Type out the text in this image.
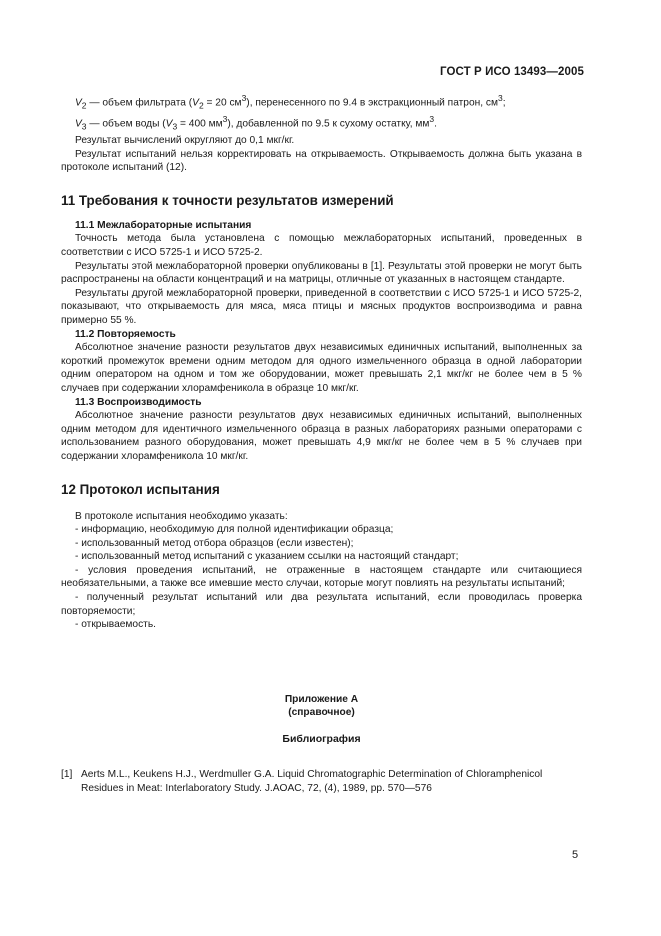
ГОСТ Р ИСО 13493—2005

$V_2$ — объем фильтрата ($V_2 = 20$ $см^3$), перенесенного по 9.4 в экстракционный патрон, $см^3$;

$V_3$ — объем воды ($V_3 = 400$ $мм^3$), добавленной по 9.5 к сухому остатку, $мм^3$.

Результат вычислений округляют до 0,1 мкг/кг.

Результат испытаний нельзя корректировать на открываемость. Открываемость должна быть указана в протоколе испытаний (12).

11 Требования к точности результатов измерений

11.1 Межлабораторные испытания

Точность метода была установлена с помощью межлабораторных испытаний, проведенных в соответствии с ИСО 5725-1 и ИСО 5725-2.

Результаты этой межлабораторной проверки опубликованы в [1]. Результаты этой проверки не могут быть распространены на области концентраций и на матрицы, отличные от указанных в настоящем стандарте.

Результаты другой межлабораторной проверки, приведенной в соответствии с ИСО 5725-1 и ИСО 5725-2, показывают, что открываемость для мяса, мяса птицы и мясных продуктов воспроизводима и равна примерно 55 %.

11.2 Повторяемость

Абсолютное значение разности результатов двух независимых единичных испытаний, выполненных за короткий промежуток времени одним методом для одного измельченного образца в одной лаборатории одним оператором на одном и том же оборудовании, может превышать 2,1 мкг/кг не более чем в 5 % случаев при содержании хлорамфеникола в образце 10 мкг/кг.

11.3 Воспроизводимость

Абсолютное значение разности результатов двух независимых единичных испытаний, выполненных одним методом для идентичного измельченного образца в разных лабораториях разными операторами с использованием разного оборудования, может превышать 4,9 мкг/кг не более чем в 5 % случаев при содержании хлорамфеникола 10 мкг/кг.

12 Протокол испытания

В протоколе испытания необходимо указать:

- информацию, необходимую для полной идентификации образца;

- использованный метод отбора образцов (если известен);

- использованный метод испытаний с указанием ссылки на настоящий стандарт;

- условия проведения испытаний, не отраженные в настоящем стандарте или считающиеся необязательными, а также все имевшие место случаи, которые могут повлиять на результаты испытаний;

- полученный результат испытаний или два результата испытаний, если проводилась проверка повторяемости;

- открываемость.

Приложение А
(справочное)
Библиография
[1] Aerts M.L., Keukens H.J., Werdmuller G.A. Liquid Chromatographic Determination of Chloramphenicol Residues in Meat: Interlaboratory Study. J.AOAC, 72, (4), 1989, pp. 570—576
5
